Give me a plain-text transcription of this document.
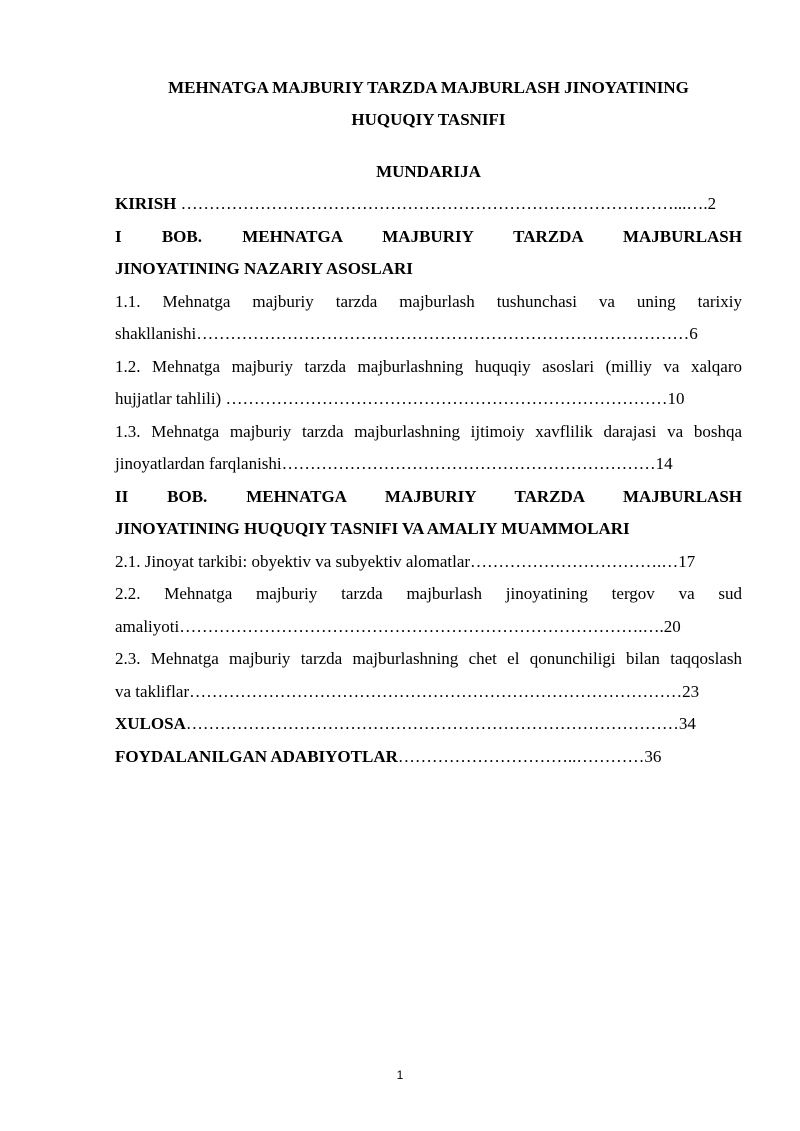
MEHNATGA MAJBURIY TARZDA MAJBURLASH JINOYATINING
HUQUQIY TASNIFI
MUNDARIJA

KIRISH ……………………………………………………………………………...….2

I BOB. MEHNATGA MAJBURIY TARZDA MAJBURLASH
JINOYATINING NAZARIY ASOSLARI
1.1. Mehnatga majburiy tarzda majburlash tushunchasi va uning tarixiy
shakllanishi……………………………………………………………………………6
1.2. Mehnatga majburiy tarzda majburlashning huquqiy asoslari (milliy va xalqaro
hujjatlar tahlili) ……………………………………………………………………10
1.3. Mehnatga majburiy tarzda majburlashning ijtimoiy xavflilik darajasi va boshqa
jinoyatlardan farqlanishi…………………………………………………………14
II BOB. MEHNATGA MAJBURIY TARZDA MAJBURLASH
JINOYATINING HUQUQIY TASNIFI VA AMALIY MUAMMOLARI

2.1. Jinoyat tarkibi: obyektiv va subyektiv alomatlar…………………………….…17

2.2. Mehnatga majburiy tarzda majburlash jinoyatining tergov va sud
amaliyoti……………………………………………………………………….….20
2.3. Mehnatga majburiy tarzda majburlashning chet el qonunchiligi bilan taqqoslash
va takliflar……………………………………………………………………………23

XULOSA……………………………………………………………………………34

FOYDALANILGAN ADABIYOTLAR…………………………..…………36

1
